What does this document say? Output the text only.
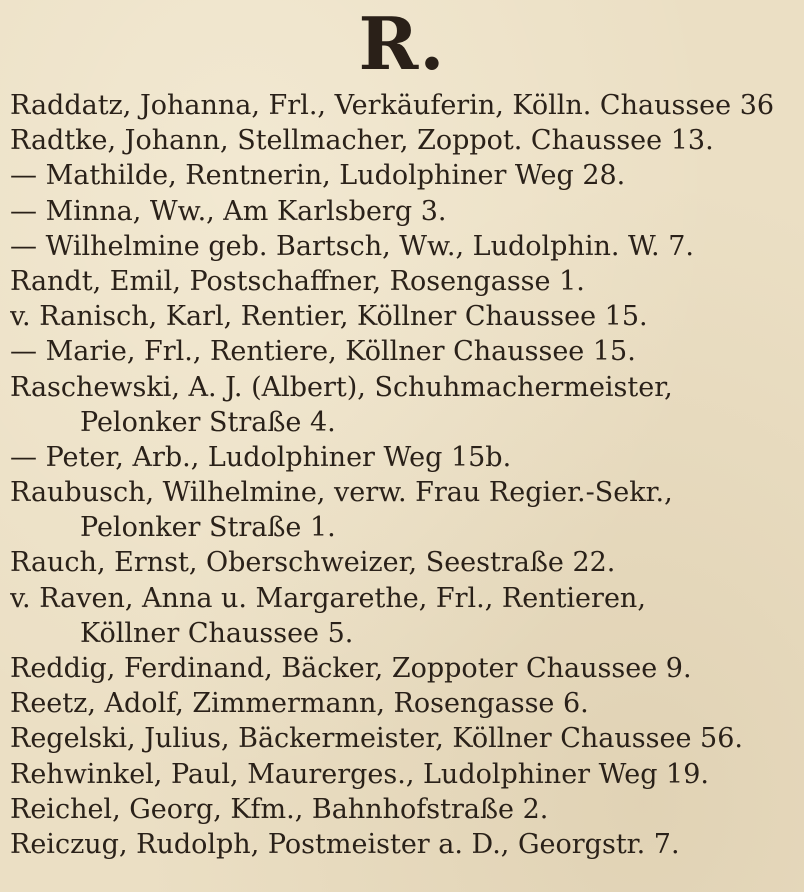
R.
Raddatz, Johanna, Frl., Verkäuferin, Kölln. Chaussee 36
Radtke, Johann, Stellmacher, Zoppot. Chaussee 13.
— Mathilde, Rentnerin, Ludolphiner Weg 28.
— Minna, Ww., Am Karlsberg 3.
— Wilhelmine geb. Bartsch, Ww., Ludolphin. W. 7.
Randt, Emil, Postschaffner, Rosengasse 1.
v. Ranisch, Karl, Rentier, Köllner Chaussee 15.
— Marie, Frl., Rentiere, Köllner Chaussee 15.
Raschewski, A. J. (Albert), Schuhmachermeister,
Pelonker Straße 4.
— Peter, Arb., Ludolphiner Weg 15b.
Raubusch, Wilhelmine, verw. Frau Regier.-Sekr.,
Pelonker Straße 1.
Rauch, Ernst, Oberschweizer, Seestraße 22.
v. Raven, Anna u. Margarethe, Frl., Rentieren,
Köllner Chaussee 5.
Reddig, Ferdinand, Bäcker, Zoppoter Chaussee 9.
Reetz, Adolf, Zimmermann, Rosengasse 6.
Regelski, Julius, Bäckermeister, Köllner Chaussee 56.
Rehwinkel, Paul, Maurerges., Ludolphiner Weg 19.
Reichel, Georg, Kfm., Bahnhofstraße 2.
Reiczug, Rudolph, Postmeister a. D., Georgstr. 7.
